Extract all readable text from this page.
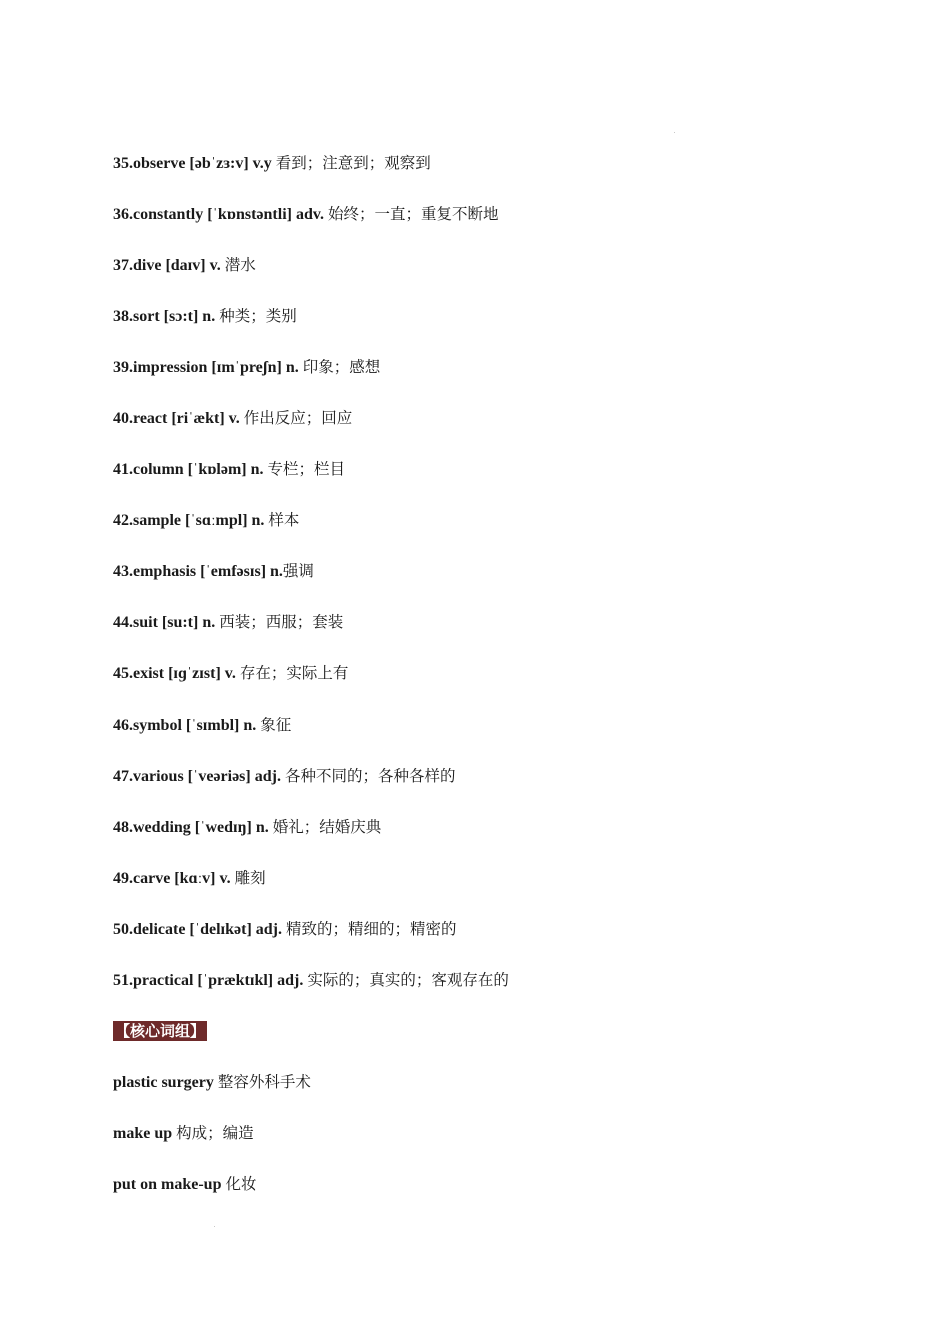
35.observe [əbˈzɜ:v] v.y 看到；注意到；观察到
36.constantly [ˈkɒnstəntli] adv. 始终；一直；重复不断地
37.dive [daɪv] v. 潜水
38.sort [sɔ:t] n. 种类；类别
39.impression [ɪmˈpreʃn] n. 印象；感想
40.react [riˈækt] v. 作出反应；回应
41.column [ˈkɒləm] n. 专栏；栏目
42.sample [ˈsɑːmpl] n. 样本
43.emphasis [ˈemfəsɪs] n.强调
44.suit [su:t] n. 西装；西服；套装
45.exist [ɪɡˈzɪst] v. 存在；实际上有
46.symbol [ˈsɪmbl] n. 象征
47.various [ˈveəriəs] adj. 各种不同的；各种各样的
48.wedding [ˈwedɪŋ] n. 婚礼；结婚庆典
49.carve [kɑːv] v. 雕刻
50.delicate [ˈdelɪkət] adj. 精致的；精细的；精密的
51.practical [ˈpræktɪkl] adj. 实际的；真实的；客观存在的
【核心词组】
plastic surgery 整容外科手术
make up 构成；编造
put on make-up 化妆
